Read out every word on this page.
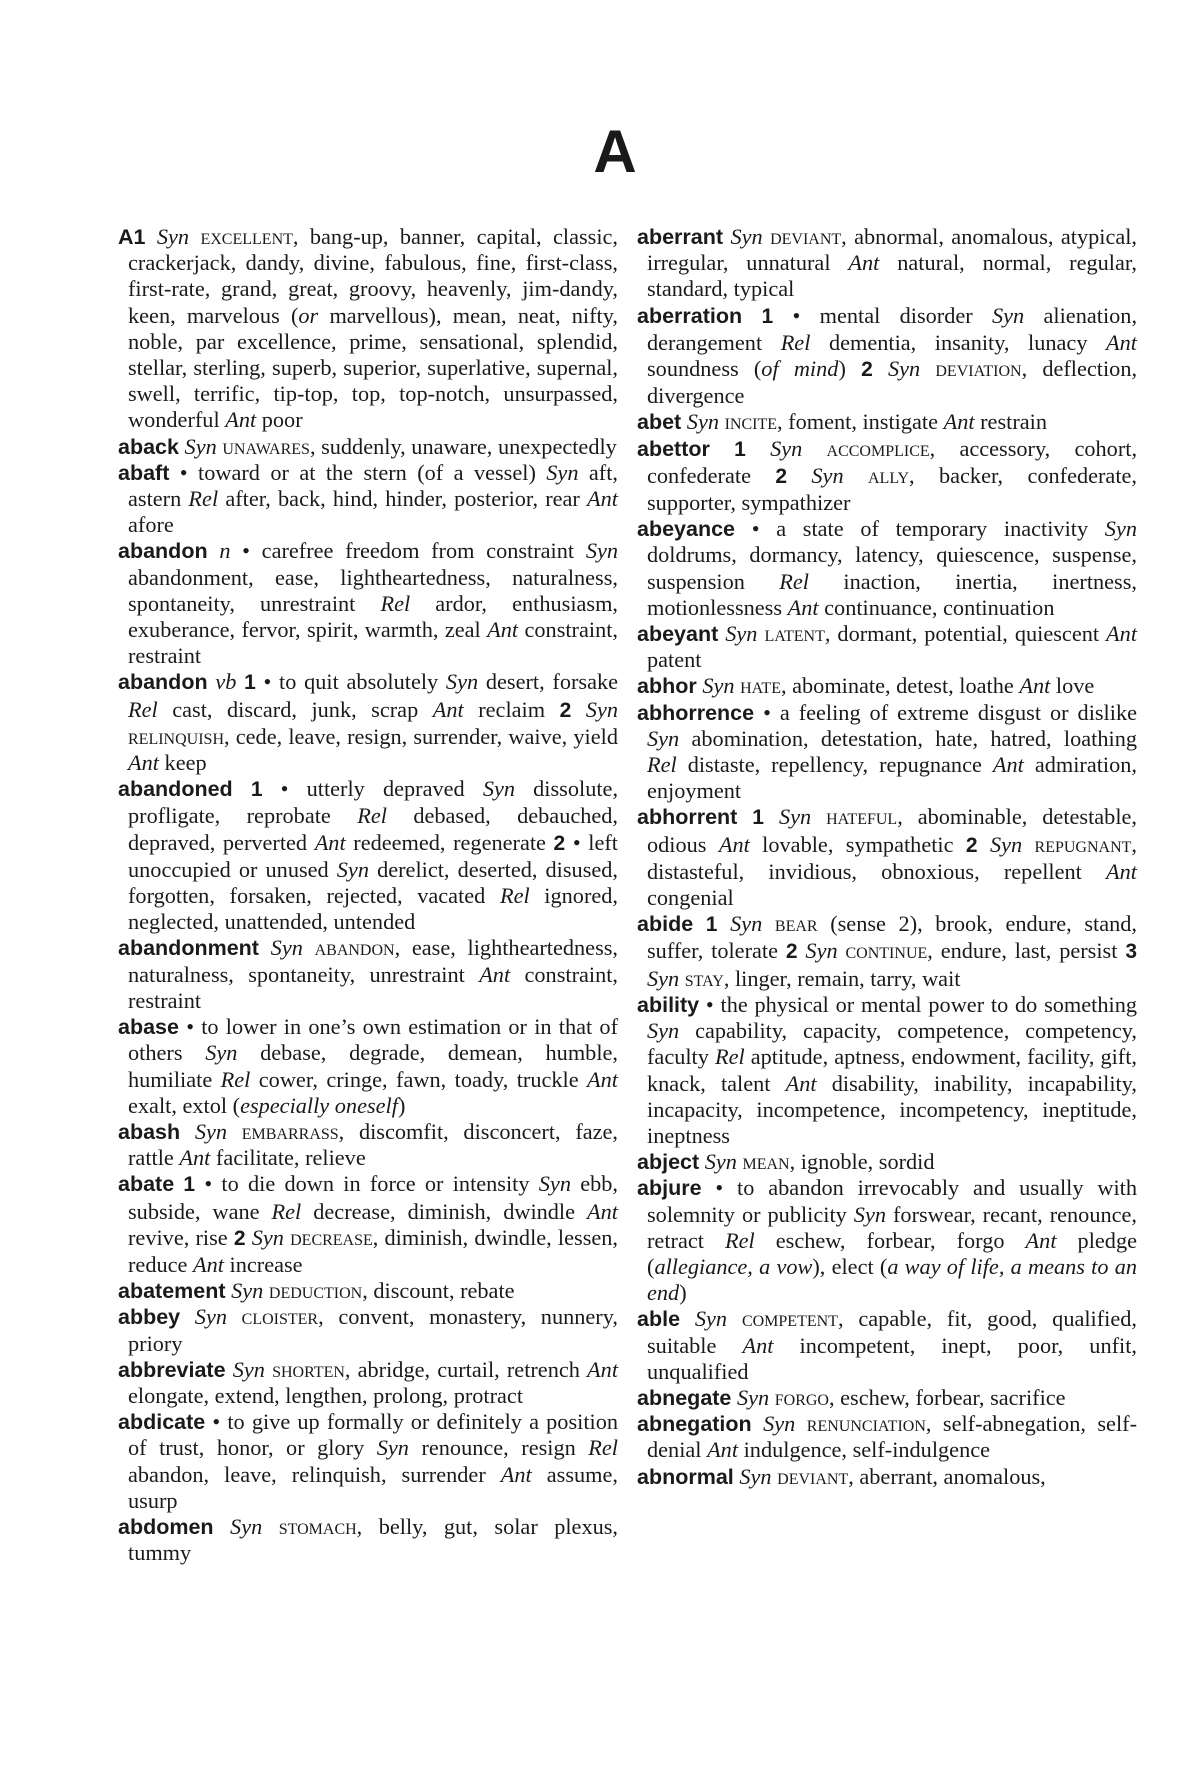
A

A1 Syn excellent, bang-up, banner, capital, classic, crackerjack, dandy, divine, fabulous, fine, first-class, first-rate, grand, great, groovy, heavenly, jim-dandy, keen, marvelous (or marvellous), mean, neat, nifty, noble, par excellence, prime, sensational, splendid, stellar, sterling, superb, superior, superlative, supernal, swell, terrific, tip-top, top, top-notch, unsurpassed, wonderful Ant poor

aback Syn unawares, suddenly, unaware, unexpectedly

abaft • toward or at the stern (of a vessel) Syn aft, astern Rel after, back, hind, hinder, posterior, rear Ant afore

abandon n • carefree freedom from constraint Syn abandonment, ease, lightheartedness, naturalness, spontaneity, unrestraint Rel ardor, enthusiasm, exuberance, fervor, spirit, warmth, zeal Ant constraint, restraint

abandon vb 1 • to quit absolutely Syn desert, forsake Rel cast, discard, junk, scrap Ant reclaim 2 Syn relinquish, cede, leave, resign, surrender, waive, yield Ant keep

abandoned 1 • utterly depraved Syn dissolute, profligate, reprobate Rel debased, debauched, depraved, perverted Ant redeemed, regenerate 2 • left unoccupied or unused Syn derelict, deserted, disused, forgotten, forsaken, rejected, vacated Rel ignored, neglected, unattended, untended

abandonment Syn abandon, ease, lightheartedness, naturalness, spontaneity, unrestraint Ant constraint, restraint

abase • to lower in one’s own estimation or in that of others Syn debase, degrade, demean, humble, humiliate Rel cower, cringe, fawn, toady, truckle Ant exalt, extol (especially oneself)

abash Syn embarrass, discomfit, disconcert, faze, rattle Ant facilitate, relieve

abate 1 • to die down in force or intensity Syn ebb, subside, wane Rel decrease, diminish, dwindle Ant revive, rise 2 Syn decrease, diminish, dwindle, lessen, reduce Ant increase

abatement Syn deduction, discount, rebate

abbey Syn cloister, convent, monastery, nunnery, priory

abbreviate Syn shorten, abridge, curtail, retrench Ant elongate, extend, lengthen, prolong, protract

abdicate • to give up formally or definitely a position of trust, honor, or glory Syn renounce, resign Rel abandon, leave, relinquish, surrender Ant assume, usurp

abdomen Syn stomach, belly, gut, solar plexus, tummy

aberrant Syn deviant, abnormal, anomalous, atypical, irregular, unnatural Ant natural, normal, regular, standard, typical

aberration 1 • mental disorder Syn alienation, derangement Rel dementia, insanity, lunacy Ant soundness (of mind) 2 Syn deviation, deflection, divergence

abet Syn incite, foment, instigate Ant restrain

abettor 1 Syn accomplice, accessory, cohort, confederate 2 Syn ally, backer, confederate, supporter, sympathizer

abeyance • a state of temporary inactivity Syn doldrums, dormancy, latency, quiescence, suspense, suspension Rel inaction, inertia, inertness, motionlessness Ant continuance, continuation

abeyant Syn latent, dormant, potential, quiescent Ant patent

abhor Syn hate, abominate, detest, loathe Ant love

abhorrence • a feeling of extreme disgust or dislike Syn abomination, detestation, hate, hatred, loathing Rel distaste, repellency, repugnance Ant admiration, enjoyment

abhorrent 1 Syn hateful, abominable, detestable, odious Ant lovable, sympathetic 2 Syn repugnant, distasteful, invidious, obnoxious, repellent Ant congenial

abide 1 Syn bear (sense 2), brook, endure, stand, suffer, tolerate 2 Syn continue, endure, last, persist 3 Syn stay, linger, remain, tarry, wait

ability • the physical or mental power to do something Syn capability, capacity, competence, competency, faculty Rel aptitude, aptness, endowment, facility, gift, knack, talent Ant disability, inability, incapability, incapacity, incompetence, incompetency, ineptitude, ineptness

abject Syn mean, ignoble, sordid

abjure • to abandon irrevocably and usually with solemnity or publicity Syn forswear, recant, renounce, retract Rel eschew, forbear, forgo Ant pledge (allegiance, a vow), elect (a way of life, a means to an end)

able Syn competent, capable, fit, good, qualified, suitable Ant incompetent, inept, poor, unfit, unqualified

abnegate Syn forgo, eschew, forbear, sacrifice

abnegation Syn renunciation, self-abnegation, self-denial Ant indulgence, self-indulgence

abnormal Syn deviant, aberrant, anomalous,
